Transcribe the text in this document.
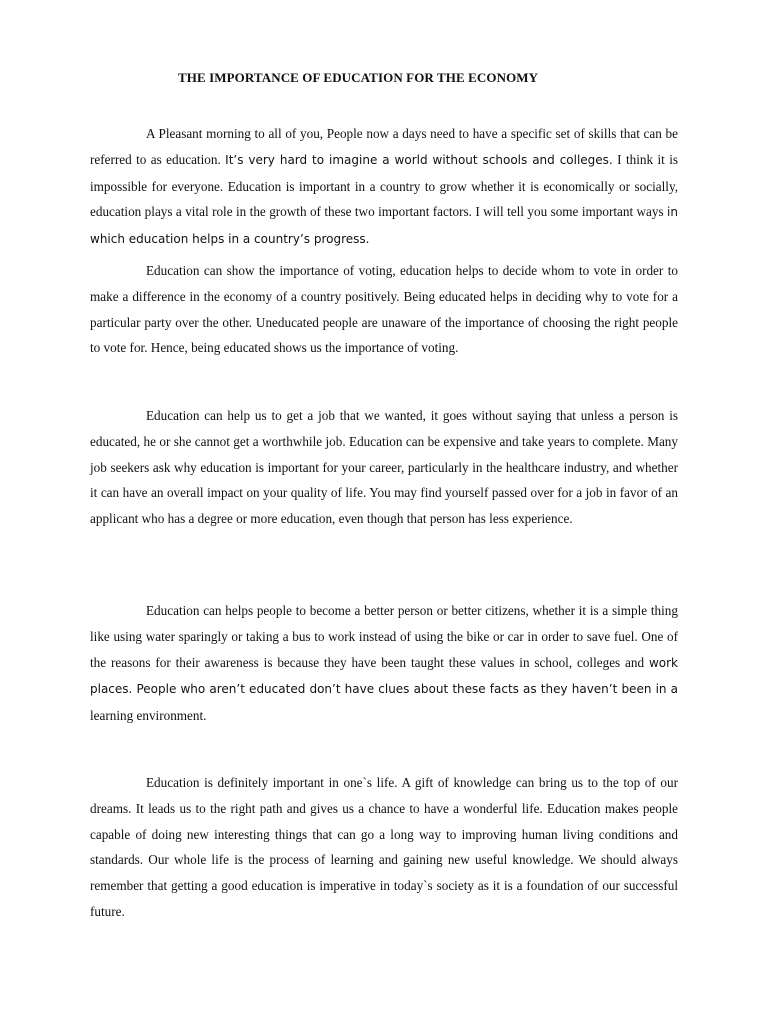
THE IMPORTANCE OF EDUCATION FOR THE ECONOMY

A Pleasant morning to all of you, People now a days need to have a specific set of skills that can be referred to as education. It’s very hard to imagine a world without schools and colleges. I think it is impossible for everyone. Education is important in a country to grow whether it is economically or socially, education plays a vital role in the growth of these two important factors. I will tell you some important ways in which education helps in a country’s progress.

Education can show the importance of voting, education helps to decide whom to vote in order to make a difference in the economy of a country positively. Being educated helps in deciding why to vote for a particular party over the other. Uneducated people are unaware of the importance of choosing the right people to vote for. Hence, being educated shows us the importance of voting.

Education can help us to get a job that we wanted, it goes without saying that unless a person is educated, he or she cannot get a worthwhile job. Education can be expensive and take years to complete. Many job seekers ask why education is important for your career, particularly in the healthcare industry, and whether it can have an overall impact on your quality of life. You may find yourself passed over for a job in favor of an applicant who has a degree or more education, even though that person has less experience.

Education can helps people to become a better person or better citizens, whether it is a simple thing like using water sparingly or taking a bus to work instead of using the bike or car in order to save fuel. One of the reasons for their awareness is because they have been taught these values in school, colleges and work places. People who aren’t educated don’t have clues about these facts as they haven’t been in a learning environment.

Education is definitely important in one`s life. A gift of knowledge can bring us to the top of our dreams. It leads us to the right path and gives us a chance to have a wonderful life. Education makes people capable of doing new interesting things that can go a long way to improving human living conditions and standards. Our whole life is the process of learning and gaining new useful knowledge. We should always remember that getting a good education is imperative in today`s society as it is a foundation of our successful future.
